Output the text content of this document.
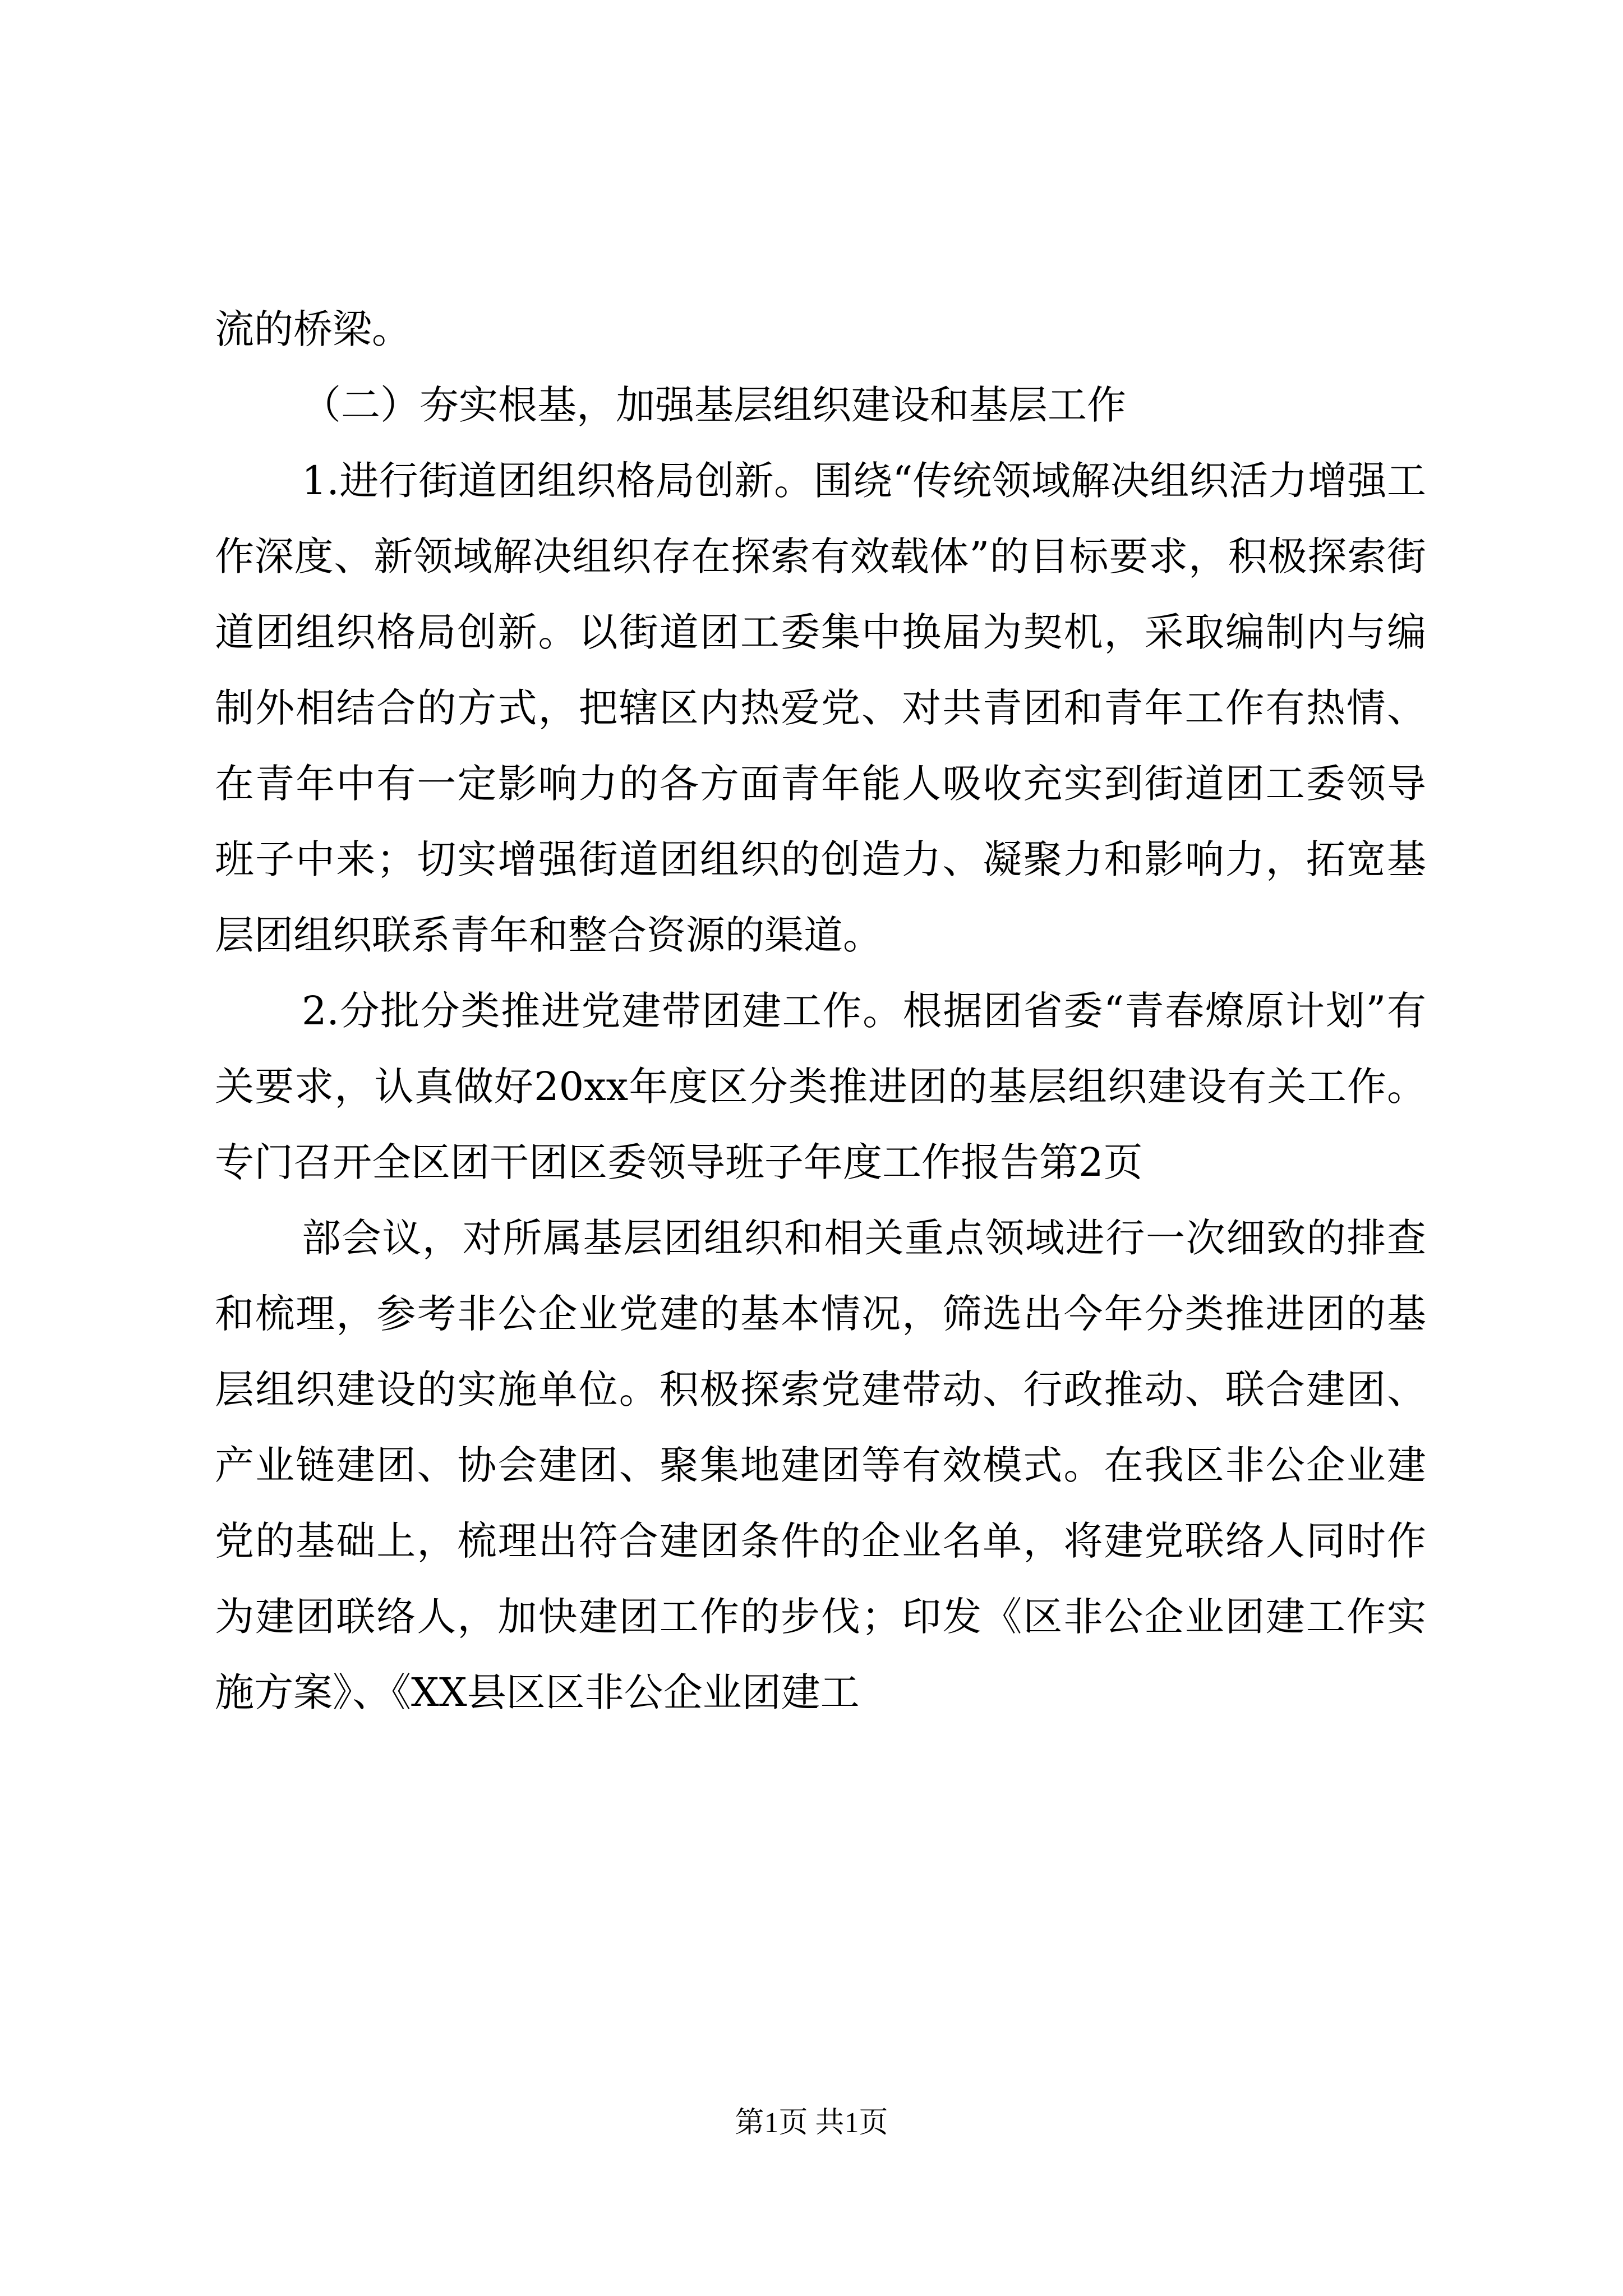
流的桥梁。

（二）夯实根基，加强基层组织建设和基层工作

1.进行街道团组织格局创新。围绕“传统领域解决组织活力增强工作深度、新领域解决组织存在探索有效载体”的目标要求，积极探索街道团组织格局创新。以街道团工委集中换届为契机，采取编制内与编制外相结合的方式，把辖区内热爱党、对共青团和青年工作有热情、在青年中有一定影响力的各方面青年能人吸收充实到街道团工委领导班子中来；切实增强街道团组织的创造力、凝聚力和影响力，拓宽基层团组织联系青年和整合资源的渠道。

2.分批分类推进党建带团建工作。根据团省委“青春燎原计划”有关要求，认真做好20xx年度区分类推进团的基层组织建设有关工作。专门召开全区团干团区委领导班子年度工作报告第2页

部会议，对所属基层团组织和相关重点领域进行一次细致的排查和梳理，参考非公企业党建的基本情况，筛选出今年分类推进团的基层组织建设的实施单位。积极探索党建带动、行政推动、联合建团、产业链建团、协会建团、聚集地建团等有效模式。在我区非公企业建党的基础上，梳理出符合建团条件的企业名单，将建党联络人同时作为建团联络人，加快建团工作的步伐；印发《区非公企业团建工作实施方案》、《XX县区区非公企业团建工

第1页 共1页
